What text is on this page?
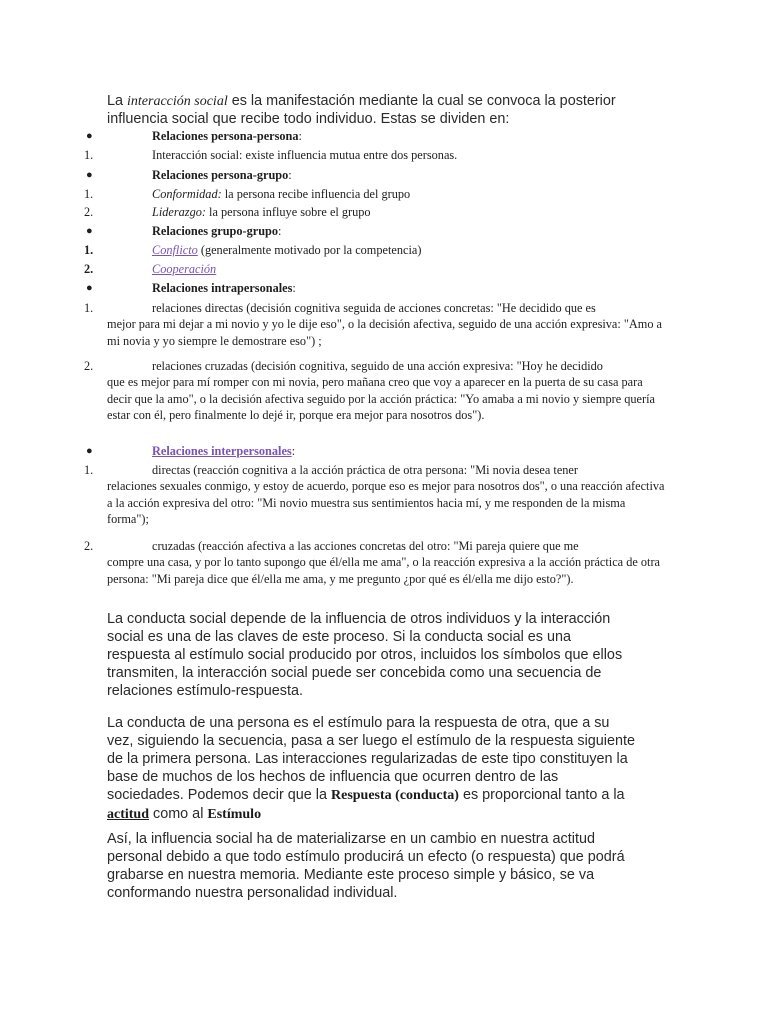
La interacción social es la manifestación mediante la cual se convoca la posterior influencia social que recibe todo individuo. Estas se dividen en:
●	Relaciones persona-persona:
1.	Interacción social: existe influencia mutua entre dos personas.
●	Relaciones persona-grupo:
1.	Conformidad: la persona recibe influencia del grupo
2.	Liderazgo: la persona influye sobre el grupo
●	Relaciones grupo-grupo:
1.	Conflicto (generalmente motivado por la competencia)
2.	Cooperación
●	Relaciones intrapersonales:
1.	relaciones directas (decisión cognitiva seguida de acciones concretas: "He decidido que es
mejor para mi dejar a mi novio y yo le dije eso", o la decisión afectiva, seguido de una acción expresiva: "Amo a mi novia y yo siempre le demostrare eso") ;
2.	relaciones cruzadas (decisión cognitiva, seguido de una acción expresiva: "Hoy he decidido
que es mejor para mí romper con mi novia, pero mañana creo que voy a aparecer en la puerta de su casa para decir que la amo", o la decisión afectiva seguido por la acción práctica: "Yo amaba a mi novio y siempre quería estar con él, pero finalmente lo dejé ir, porque era mejor para nosotros dos").
●	Relaciones interpersonales:
1.	directas (reacción cognitiva a la acción práctica de otra persona: "Mi novia desea tener
relaciones sexuales conmigo, y estoy de acuerdo, porque eso es mejor para nosotros dos", o una reacción afectiva a la acción expresiva del otro: "Mi novio muestra sus sentimientos hacia mí, y me responden de la misma forma");
2.	cruzadas (reacción afectiva a las acciones concretas del otro: "Mi pareja quiere que me
compre una casa, y por lo tanto supongo que él/ella me ama", o la reacción expresiva a la acción práctica de otra persona: "Mi pareja dice que él/ella me ama, y me pregunto ¿por qué es él/ella me dijo esto?").
La conducta social depende de la influencia de otros individuos y la interacción social es una de las claves de este proceso. Si la conducta social es una respuesta al estímulo social producido por otros, incluidos los símbolos que ellos transmiten, la interacción social puede ser concebida como una secuencia de relaciones estímulo-respuesta.
La conducta de una persona es el estímulo para la respuesta de otra, que a su vez, siguiendo la secuencia, pasa a ser luego el estímulo de la respuesta siguiente de la primera persona. Las interacciones regularizadas de este tipo constituyen la base de muchos de los hechos de influencia que ocurren dentro de las sociedades. Podemos decir que la Respuesta (conducta) es proporcional tanto a la actitud como al Estímulo
Así, la influencia social ha de materializarse en un cambio en nuestra actitud personal debido a que todo estímulo producirá un efecto (o respuesta) que podrá grabarse en nuestra memoria. Mediante este proceso simple y básico, se va conformando nuestra personalidad individual.
